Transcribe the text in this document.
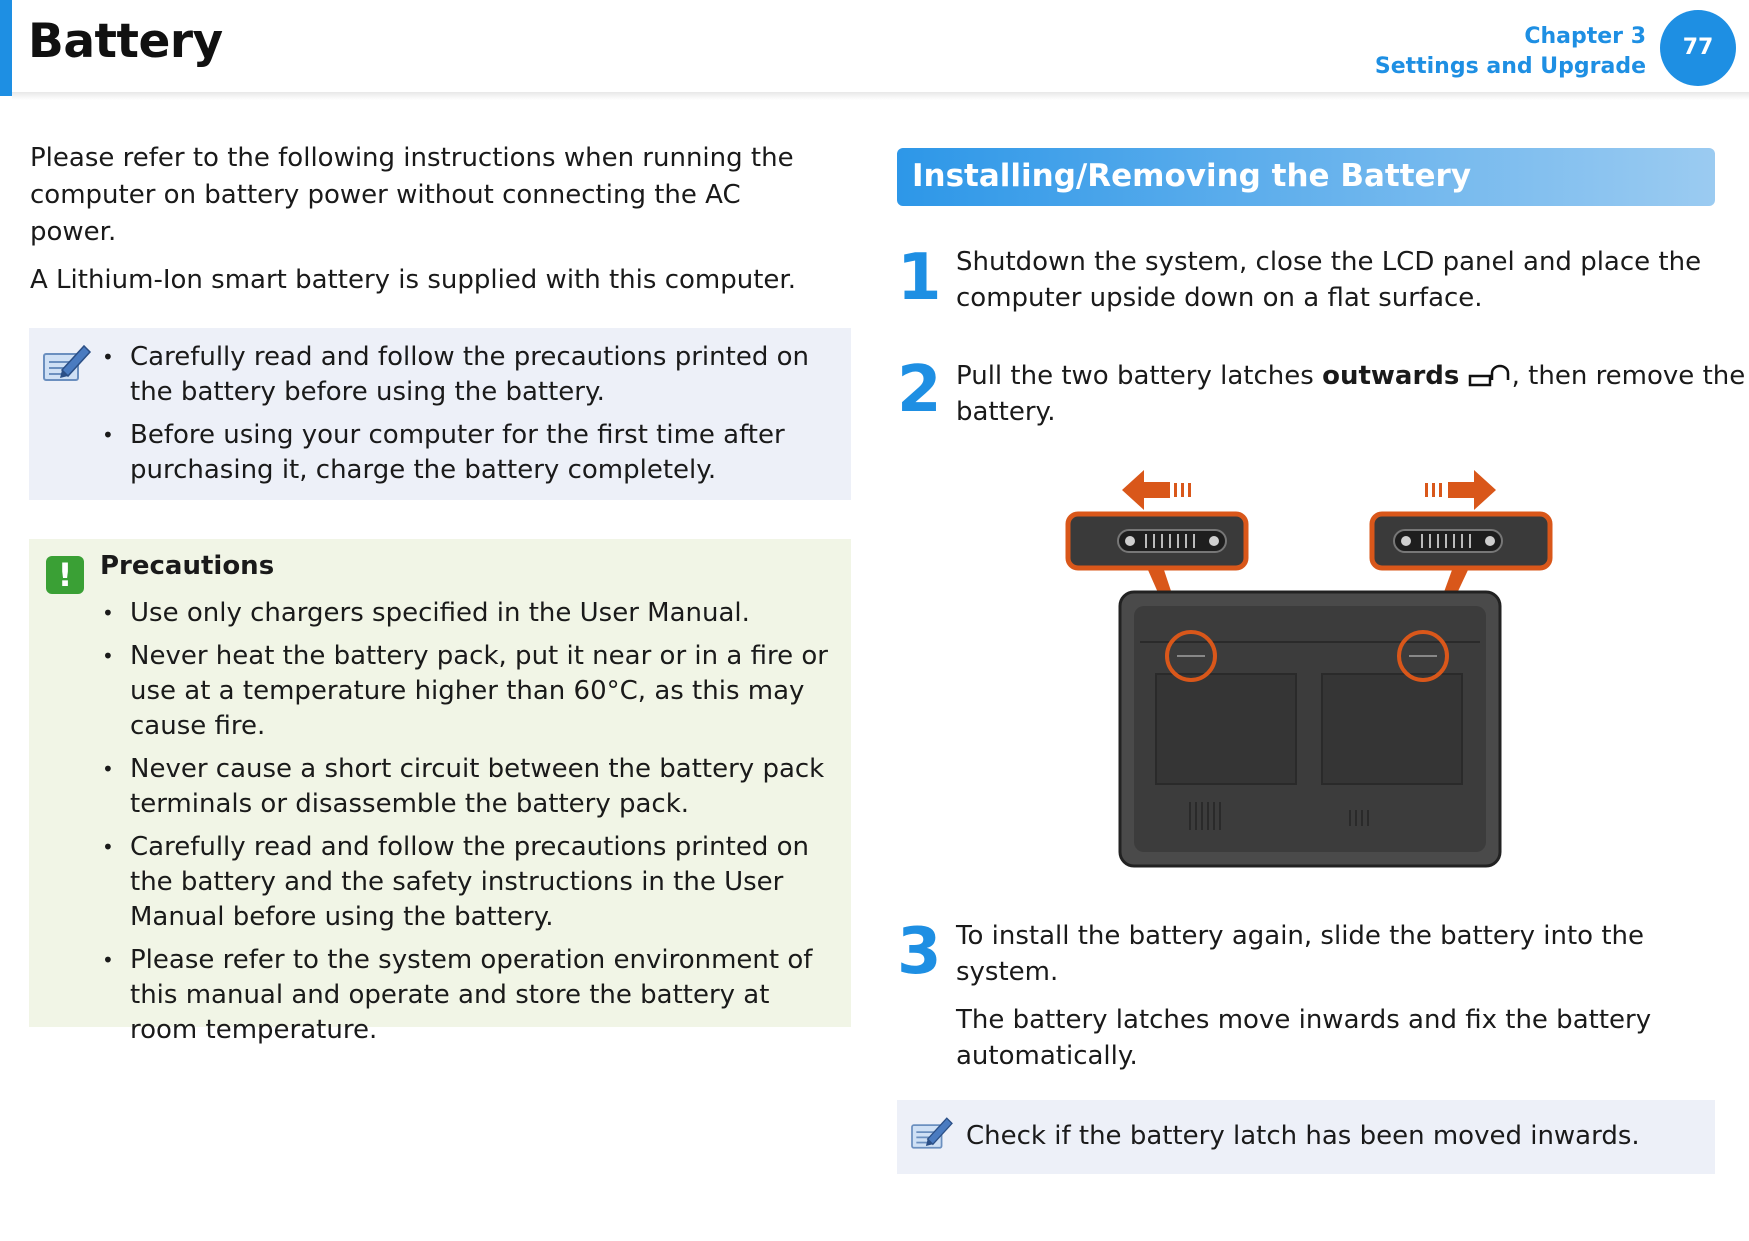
Battery	Chapter 3
Settings and Upgrade
77

Please refer to the following instructions when running the computer on battery power without connecting the AC power.

A Lithium-Ion smart battery is supplied with this computer.

• Carefully read and follow the precautions printed on the battery before using the battery.
• Before using your computer for the first time after purchasing it, charge the battery completely.
!	Precautions
• Use only chargers specified in the User Manual.
• Never heat the battery pack, put it near or in a fire or use at a temperature higher than 60°C, as this may cause fire.
• Never cause a short circuit between the battery pack terminals or disassemble the battery pack.
• Carefully read and follow the precautions printed on the battery and the safety instructions in the User Manual before using the battery.
• Please refer to the system operation environment of this manual and operate and store the battery at room temperature.
Installing/Removing the Battery
1 Shutdown the system, close the LCD panel and place the computer upside down on a flat surface.

2 Pull the two battery latches outwards , then remove the battery.

3 To install the battery again, slide the battery into the system.

The battery latches move inwards and fix the battery automatically.

Check if the battery latch has been moved inwards.
